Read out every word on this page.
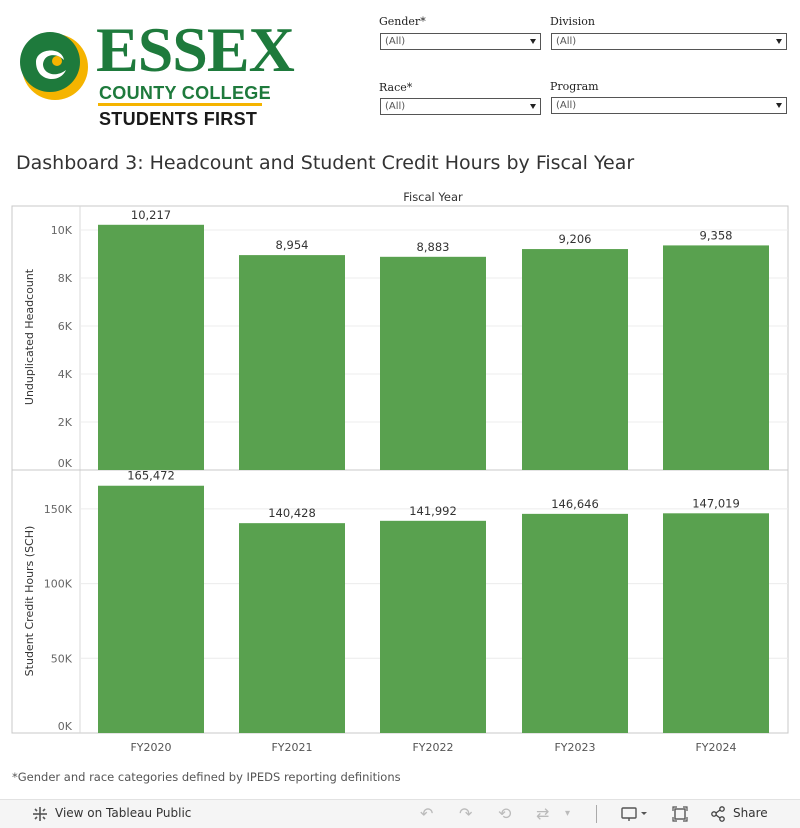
ESSEX
COUNTY COLLEGE
STUDENTS FIRST
Gender*
(All)
Division
(All)
Race*
(All)
Program
(All)
Dashboard 3: Headcount and Student Credit Hours by Fiscal Year
Fiscal Year
10,217
8,954	8,883
9,206	9,358
165,472
140,428	141,992	146,646	147,019
0K
2K
4K
6K
8K
10K
0K
50K
100K
150K
FY2020	FY2021	FY2022	FY2023	FY2024
Unduplicated Headcount
Student Credit Hours (SCH)
*Gender and race categories defined by IPEDS reporting definitions
View on Tableau Public	↶ ↷ ⟲ ⇄ ▾	Share
